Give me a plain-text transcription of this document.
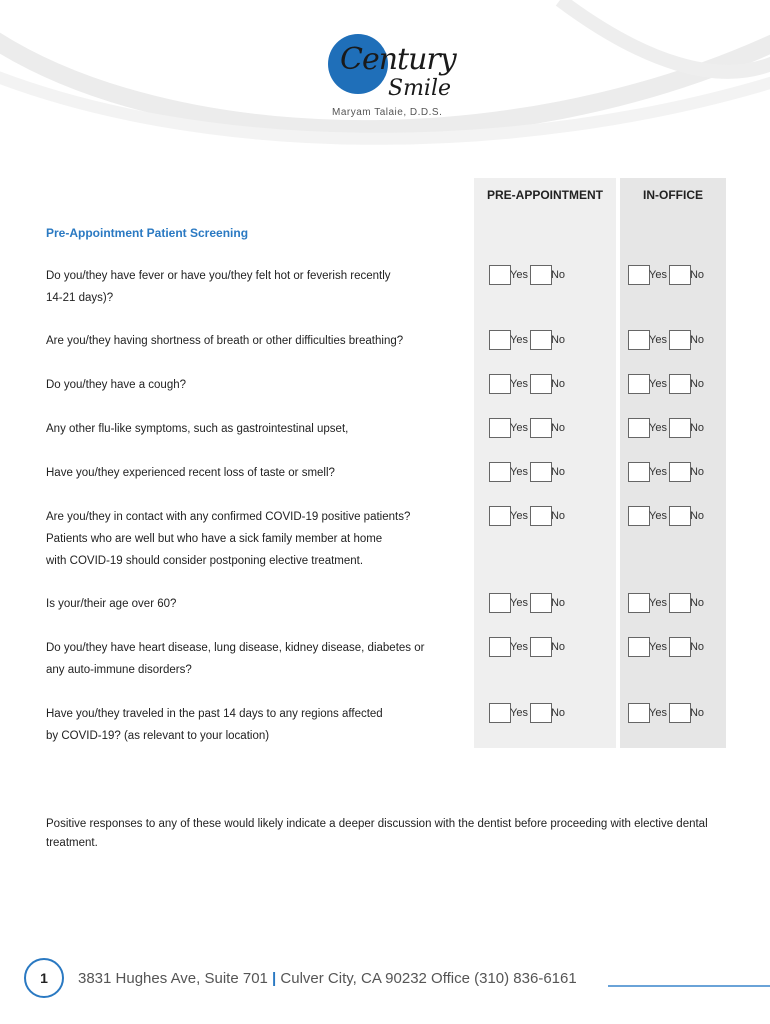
Century
Smile
Maryam Talaie, D.D.S.
PRE-APPOINTMENT	IN-OFFICE
Pre-Appointment Patient Screening
Do you/they have fever or have you/they felt hot or feverish recently
14-21 days)?
Yes No	Yes No
Are you/they having shortness of breath or other difficulties breathing?	Yes No	Yes No
Do you/they have a cough?	Yes No	Yes No
Any other flu-like symptoms, such as gastrointestinal upset,	Yes No	Yes No
Have you/they experienced recent loss of taste or smell?	Yes No	Yes No
Are you/they in contact with any confirmed COVID-19 positive patients?
Patients who are well but who have a sick family member at home
with COVID-19 should consider postponing elective treatment.
Yes No	Yes No
Is your/their age over 60?	Yes No	Yes No
Do you/they have heart disease, lung disease, kidney disease, diabetes or
any auto-immune disorders?
Yes No	Yes No
Have you/they traveled in the past 14 days to any regions affected
by COVID-19? (as relevant to your location)
Yes No	Yes No
Positive responses to any of these would likely indicate a deeper discussion with the dentist before proceeding with elective dental treatment.
1	3831 Hughes Ave, Suite 701 | Culver City, CA 90232 Office (310) 836-6161
